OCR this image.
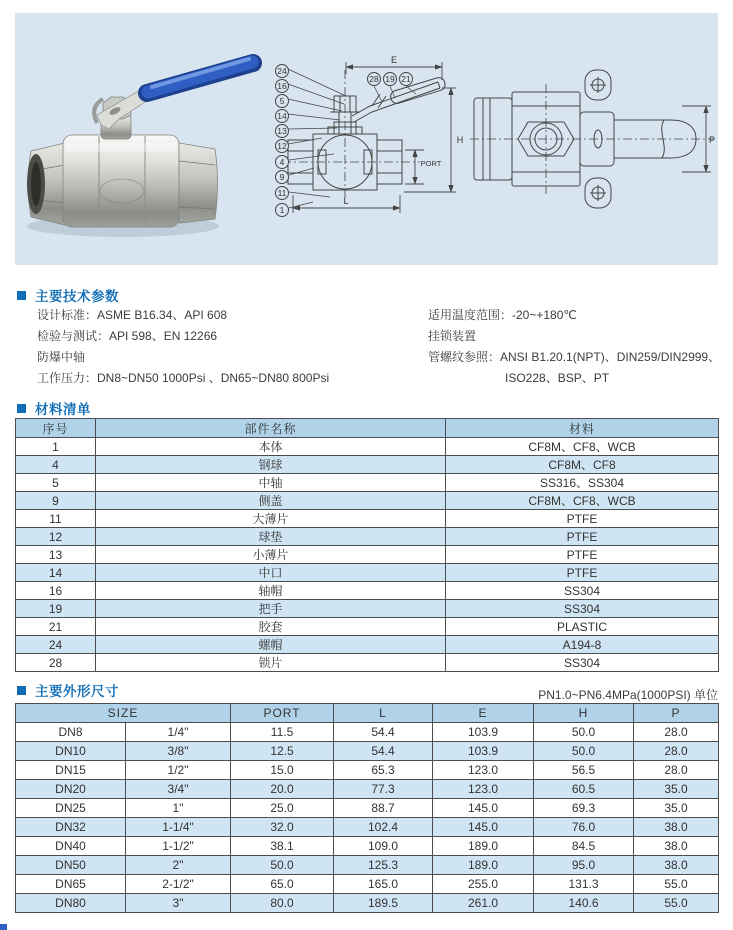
24
16
5
14
13
12
4
9
11
1
28 19 21
E
H
PORT
L
P
主要技术参数
设计标准：ASME B16.34、API 608
检验与测试：API 598、EN 12266
防爆中轴
工作压力：DN8~DN50 1000Psi 、DN65~DN80 800Psi
适用温度范围：-20~+180℃
挂锁装置
管螺纹参照：ANSI B1.20.1(NPT)、DIN259/DIN2999、
ISO228、BSP、PT
材料清单
序号	部件名称	材料
1	本体	CF8M、CF8、WCB
4	钢球	CF8M、CF8
5	中轴	SS316、SS304
9	侧盖	CF8M、CF8、WCB
11	大薄片	PTFE
12	球垫	PTFE
13	小薄片	PTFE
14	中口	PTFE
16	轴帽	SS304
19	把手	SS304
21	胶套	PLASTIC
24	螺帽	A194-8
28	锁片	SS304
主要外形尺寸	PN1.0~PN6.4MPa(1000PSI) 单位
SIZE		PORT	L	E	H	P
DN8	1/4"	11.5	54.4	103.9	50.0	28.0
DN10	3/8"	12.5	54.4	103.9	50.0	28.0
DN15	1/2"	15.0	65.3	123.0	56.5	28.0
DN20	3/4"	20.0	77.3	123.0	60.5	35.0
DN25	1"	25.0	88.7	145.0	69.3	35.0
DN32	1-1/4"	32.0	102.4	145.0	76.0	38.0
DN40	1-1/2"	38.1	109.0	189.0	84.5	38.0
DN50	2"	50.0	125.3	189.0	95.0	38.0
DN65	2-1/2"	65.0	165.0	255.0	131.3	55.0
DN80	3"	80.0	189.5	261.0	140.6	55.0
